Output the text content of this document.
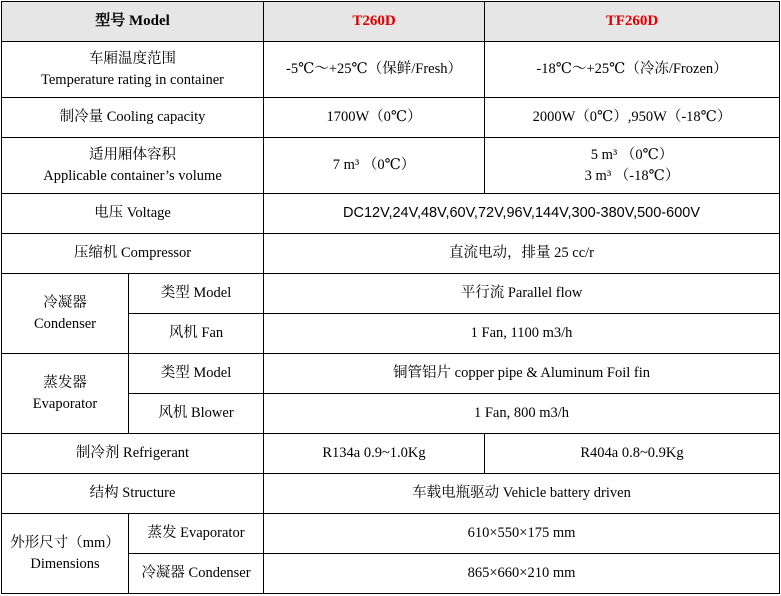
型号 Model		T260D	TF260D

车厢温度范围
Temperature rating in container		-5℃～+25℃（保鲜/Fresh）	-18℃～+25℃（冷冻/Frozen）
制冷量 Cooling capacity		1700W（0℃）	2000W（0℃）,950W（-18℃）

适用厢体容积
Applicable container’s volume		7 m³ （0℃）	5 m³ （0℃）
3 m³ （-18℃）

电压 Voltage		DC12V,24V,48V,60V,72V,96V,144V,300-380V,500-600V	
压缩机 Compressor		直流电动，排量 25 cc/r	

冷凝器
Condenser	类型 Model	平行流 Parallel flow	
	风机 Fan	1 Fan, 1100 m3/h	

蒸发器
Evaporator	类型 Model	铜管铝片 copper pipe & Aluminum Foil fin	
	风机 Blower	1 Fan, 800 m3/h	
制冷剂 Refrigerant		R134a 0.9~1.0Kg	R404a 0.8~0.9Kg
结构 Structure		车载电瓶驱动 Vehicle battery driven	

外形尺寸（mm）
Dimensions	蒸发 Evaporator	610×550×175 mm	
	冷凝器 Condenser	865×660×210 mm	
